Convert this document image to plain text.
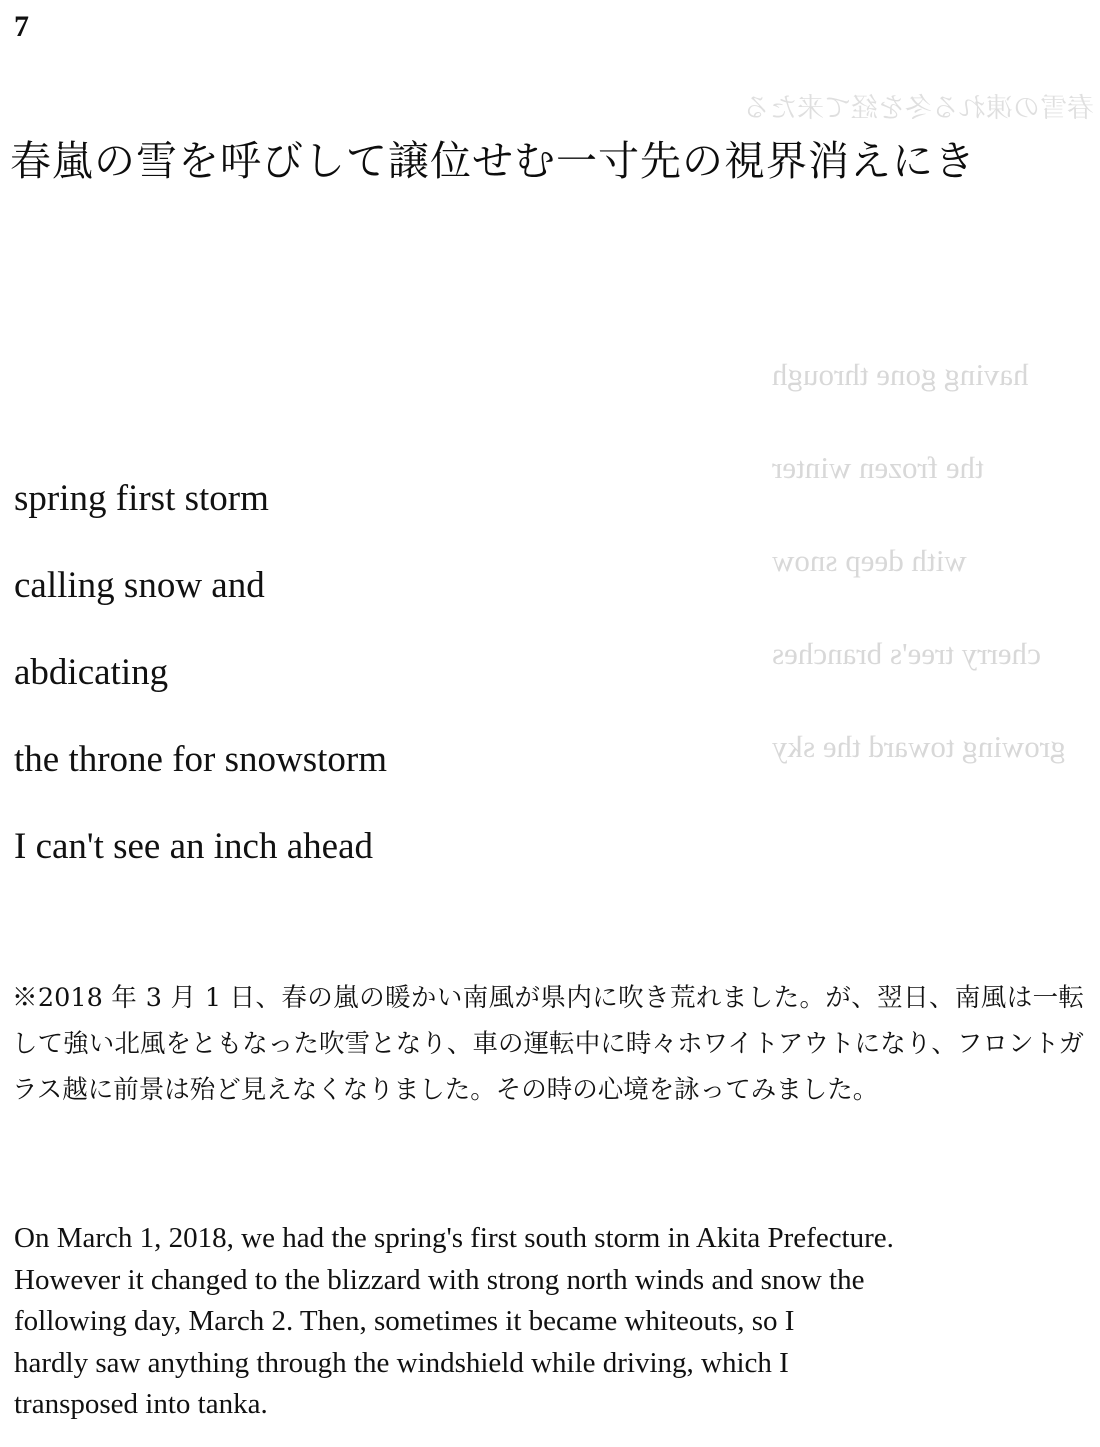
春雪の凍れる冬を経て来たる
having gone through
the frozen winter
with deep snow
cherry tree's branches
growing toward the sky
7
春嵐の雪を呼びして譲位せむ一寸先の視界消えにき
spring first storm
calling snow and
abdicating
the throne for snowstorm
I can't see an inch ahead
※2018 年 3 月 1 日、春の嵐の暖かい南風が県内に吹き荒れました。が、翌日、南風は一転して強い北風をともなった吹雪となり、車の運転中に時々ホワイトアウトになり、フロントガラス越に前景は殆ど見えなくなりました。その時の心境を詠ってみました。
On March 1, 2018, we had the spring's first south storm in Akita Prefecture.
However it changed to the blizzard with strong north winds and snow the
following day, March 2. Then, sometimes it became whiteouts, so I
hardly saw anything through the windshield while driving, which I
transposed into tanka.
